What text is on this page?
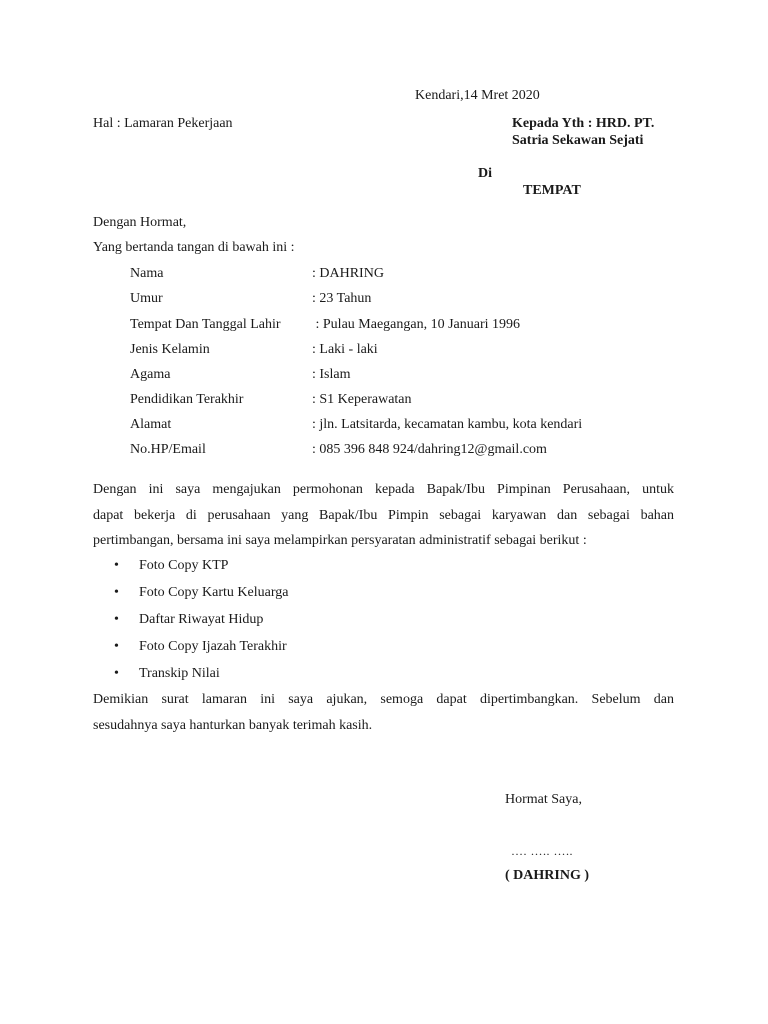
Kendari,14 Mret 2020
Hal : Lamaran Pekerjaan	Kepada Yth : HRD. PT.
Satria Sekawan Sejati
Di
TEMPAT
Dengan Hormat,
Yang bertanda tangan di bawah ini :
Nama	: DAHRING
Umur	: 23 Tahun
Tempat Dan Tanggal Lahir : Pulau Maegangan, 10 Januari 1996
Jenis Kelamin	: Laki - laki
Agama	: Islam
Pendidikan Terakhir	: S1 Keperawatan
Alamat	: jln. Latsitarda, kecamatan kambu, kota kendari
No.HP/Email	: 085 396 848 924/dahring12@gmail.com
Dengan ini saya mengajukan permohonan kepada Bapak/Ibu Pimpinan Perusahaan, untuk
dapat bekerja di perusahaan yang Bapak/Ibu Pimpin sebagai karyawan dan sebagai bahan
pertimbangan, bersama ini saya melampirkan persyaratan administratif sebagai berikut :
• Foto Copy KTP
• Foto Copy Kartu Keluarga
• Daftar Riwayat Hidup
• Foto Copy Ijazah Terakhir
• Transkip Nilai
Demikian surat lamaran ini saya ajukan, semoga dapat dipertimbangkan. Sebelum dan
sesudahnya saya hanturkan banyak terimah kasih.
Hormat Saya,
…. ….. …..
( DAHRING )
